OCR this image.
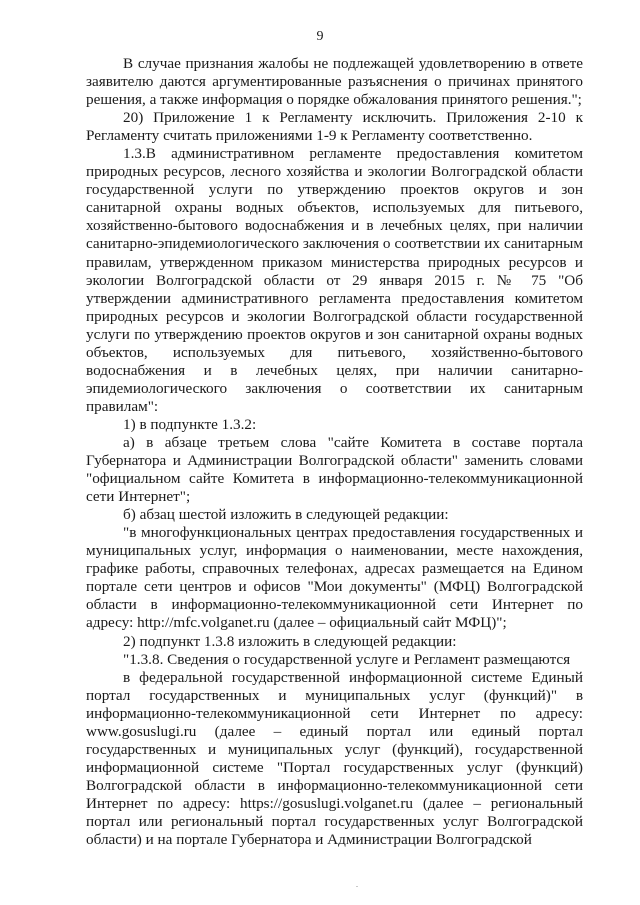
9

В случае признания жалобы не подлежащей удовлетворению в ответе заявителю даются аргументированные разъяснения о причинах принятого решения, а также информация о порядке обжалования принятого решения.";

20) Приложение 1 к Регламенту исключить. Приложения 2-10 к Регламенту считать приложениями 1-9 к Регламенту соответственно.

1.3.В административном регламенте предоставления комитетом природных ресурсов, лесного хозяйства и экологии Волгоградской области государственной услуги по утверждению проектов округов и зон санитарной охраны водных объектов, используемых для питьевого, хозяйственно-бытового водоснабжения и в лечебных целях, при наличии санитарно-эпидемиологического заключения о соответствии их санитарным правилам, утвержденном приказом министерства природных ресурсов и экологии Волгоградской области от 29 января 2015 г. № 75 "Об утверждении административного регламента предоставления комитетом природных ресурсов и экологии Волгоградской области государственной услуги по утверждению проектов округов и зон санитарной охраны водных объектов, используемых для питьевого, хозяйственно-бытового водоснабжения и в лечебных целях, при наличии санитарно-эпидемиологического заключения о соответствии их санитарным правилам":

1) в подпункте 1.3.2:

а) в абзаце третьем слова "сайте Комитета в составе портала Губернатора и Администрации Волгоградской области" заменить словами "официальном сайте Комитета в информационно-телекоммуникационной сети Интернет";

б) абзац шестой изложить в следующей редакции:

"в многофункциональных центрах предоставления государственных и муниципальных услуг, информация о наименовании, месте нахождения, графике работы, справочных телефонах, адресах размещается на Едином портале сети центров и офисов "Мои документы" (МФЦ) Волгоградской области в информационно-телекоммуникационной сети Интернет по адресу: http://mfc.volganet.ru (далее – официальный сайт МФЦ)";

2) подпункт 1.3.8 изложить в следующей редакции:

"1.3.8. Сведения о государственной услуге и Регламент размещаются

в федеральной государственной информационной системе Единый портал государственных и муниципальных услуг (функций)" в информационно-телекоммуникационной сети Интернет по адресу: www.gosuslugi.ru (далее – единый портал или единый портал государственных и муниципальных услуг (функций), государственной информационной системе "Портал государственных услуг (функций) Волгоградской области в информационно-телекоммуникационной сети Интернет по адресу: https://gosuslugi.volganet.ru (далее – региональный портал или региональный портал государственных услуг Волгоградской области) и на портале Губернатора и Администрации Волгоградской
